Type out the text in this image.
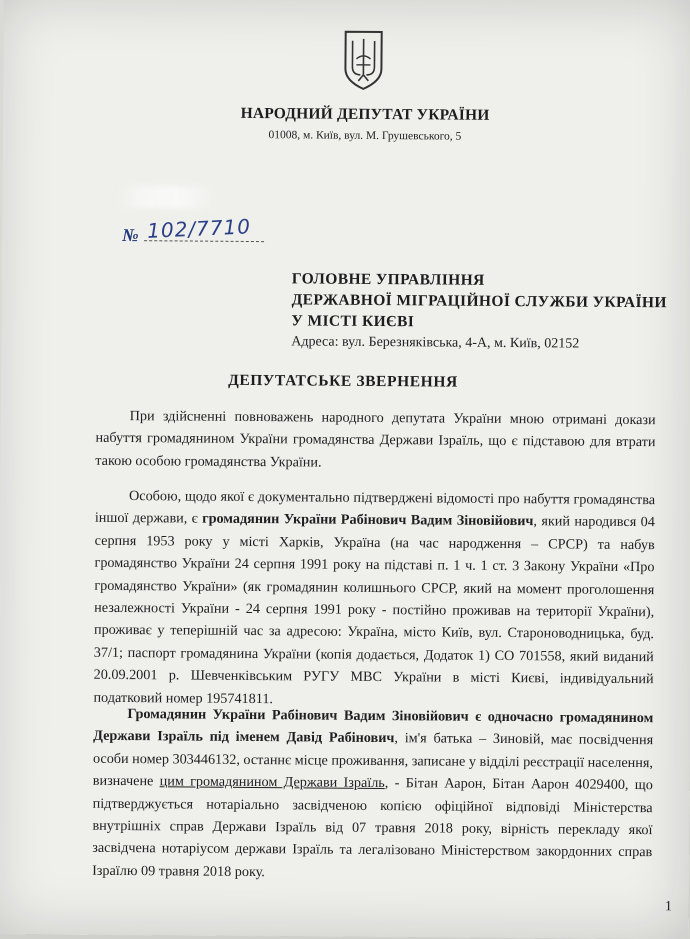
НАРОДНИЙ ДЕПУТАТ УКРАЇНИ
01008, м. Київ, вул. М. Грушевського, 5
№ 102/7710
ГОЛОВНЕ УПРАВЛІННЯ
ДЕРЖАВНОЇ МІГРАЦІЙНОЇ СЛУЖБИ УКРАЇНИ
У МІСТІ КИЄВІ
Адреса: вул. Березняківська, 4-А, м. Київ, 02152
ДЕПУТАТСЬКЕ ЗВЕРНЕННЯ
При здійсненні повноважень народного депутата України мною отримані докази набуття громадянином України громадянства Держави Ізраїль, що є підставою для втрати такою особою громадянства України.
Особою, щодо якої є документально підтверджені відомості про набуття громадянства іншої держави, є громадянин України Рабінович Вадим Зіновійович, який народився 04 серпня 1953 року у місті Харків, Україна (на час народження – СРСР) та набув громадянство України 24 серпня 1991 року на підставі п. 1 ч. 1 ст. 3 Закону України «Про громадянство України» (як громадянин колишнього СРСР, який на момент проголошення незалежності України - 24 серпня 1991 року - постійно проживав на території України), проживає у теперішній час за адресою: Україна, місто Київ, вул. Староноводницька, буд. 37/1; паспорт громадянина України (копія додається, Додаток 1) СО 701558, який виданий 20.09.2001 р. Шевченківським РУГУ МВС України в місті Києві, індивідуальний податковий номер 195741811.
Громадянин України Рабінович Вадим Зіновійович є одночасно громадянином Держави Ізраїль під іменем Давід Рабінович, ім'я батька – Зиновій, має посвідчення особи номер 303446132, останнє місце проживання, записане у відділі реєстрації населення, визначене цим громадянином Держави Ізраїль, - Бітан Аарон, Бітан Аарон 4029400, що підтверджується нотаріально засвідченою копією офіційної відповіді Міністерства внутрішніх справ Держави Ізраїль від 07 травня 2018 року, вірність перекладу якої засвідчена нотаріусом держави Ізраїль та легалізовано Міністерством закордонних справ Ізраїлю 09 травня 2018 року.
1
